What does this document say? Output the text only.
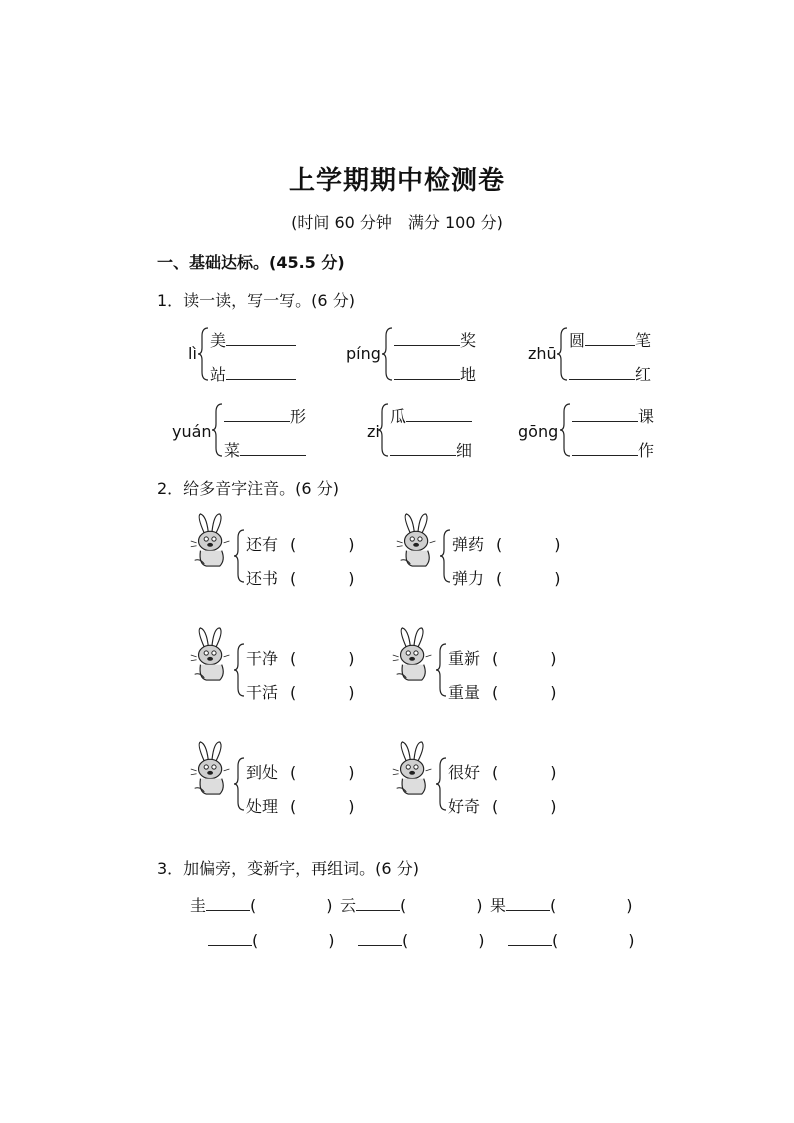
上学期期中检测卷
(时间 60 分钟　满分 100 分)
一、基础达标。(45.5 分)
1．读一读，写一写。(6 分)
lì
美
站
píng
奖
地
zhū
圆	笔
红
yuán
形
菜
zi
瓜
细
gōng
课
作
2．给多音字注音。(6 分)
还有 (	)
还书 (	)
弹药 (	)
弹力 (	)
干净 (	)
干活 (	)
重新 (	)
重量 (	)
到处 (	)
处理 (	)
很好 (	)
好奇 (	)
3．加偏旁，变新字，再组词。(6 分)
圭	(	) 云	(	) 果	(	)
(	)	(	)	(	)
